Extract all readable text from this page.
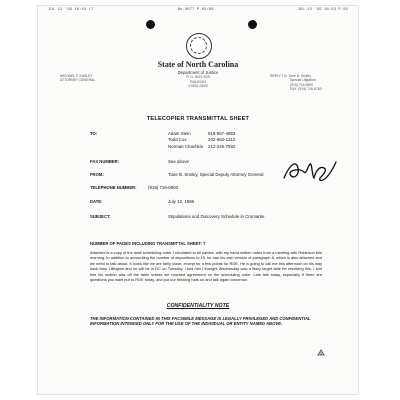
JUL 12 '99 16:51 LT	No.0077 P.02/09	JUL 12 '99 16:53 P.02
State of North Carolina
Department of Justice
P. O. BOX 629
RALEIGH
27602-0629
MICHAEL F. EASLEY
ATTORNEY GENERAL
REPLY TO: Tiare B. Smiley
Special Litigation
(919) 716-6900
FAX: (919) 716-6763
TELECOPIER TRANSMITTAL SHEET
TO:	Adam Stein	919-967-4953
Todd Cox	202-682-1312
Norman Chachkin	212-226-7592
FAX NUMBER:	See above
FROM:	Tiare B. Smiley, Special Deputy Attorney General
TELEPHONE NUMBER:	(919) 716-6900
DATE:	July 12, 1999
SUBJECT:	Stipulations and Discovery Schedule in Cromartie
NUMBER OF PAGES INCLUDING TRANSMITTAL SHEET: 7
Attached is a copy of the draft scheduling order I circulated to all parties, with my hand-written notes from a meeting with Robinson this morning. In addition to accounting the number of depositions to 15, he has his own version of paragraph 8, which is also attached and we need to talk about. It looks like we are fairly close, except for a few points for ROE. He is going to call me this afternoon on his way back from Lillington and he will be in DC on Tuesday. I told him I thought Wednesday was a likely target date for resolving this. I told him his motion was off the table unless we reached agreement on the scheduling order. Lets talk today, especially if there are questions you want put to ROE today, and put our thinking hats on and talk again tomorrow.
CONFIDENTIALITY NOTE
THE INFORMATION CONTAINED IN THIS FACSIMILE MESSAGE IS LEGALLY PRIVILEGED AND CONFIDENTIAL INFORMATION INTENDED ONLY FOR THE USE OF THE INDIVIDUAL OR ENTITY NAMED ABOVE.
